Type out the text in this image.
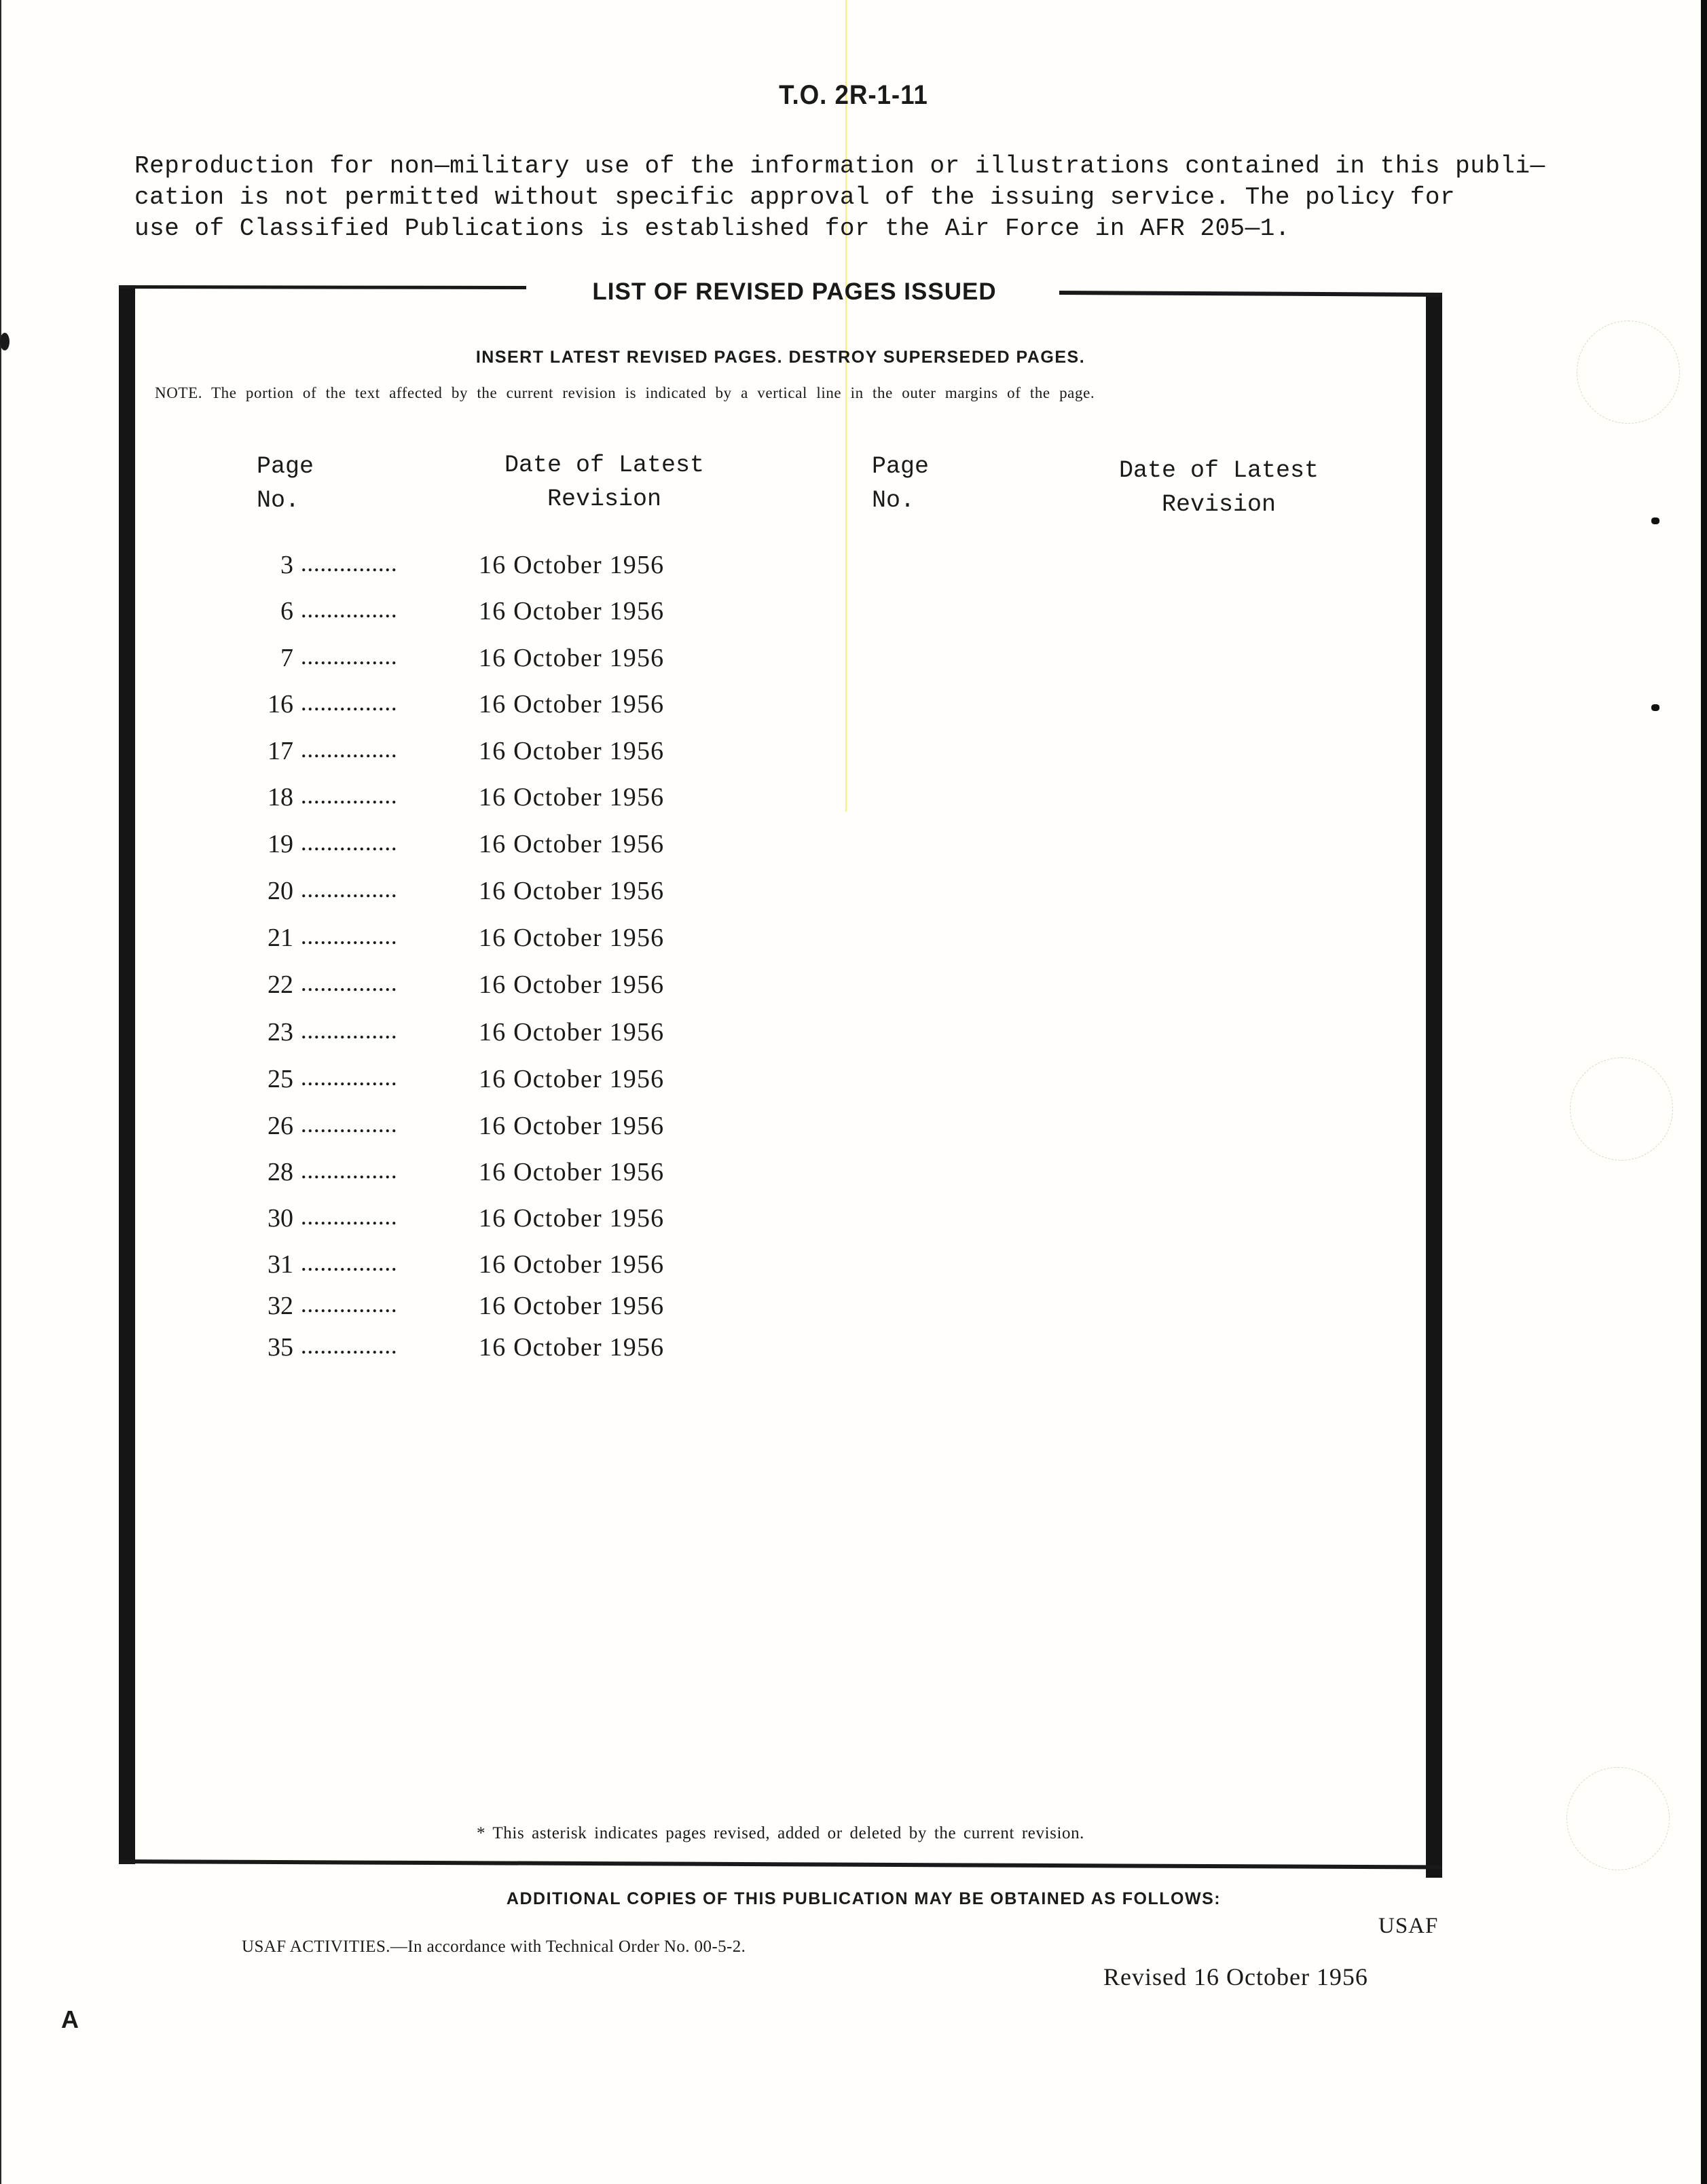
T.O. 2R-1-11

Reproduction for non—military use of the information or illustrations contained in this publi—

cation is not permitted without specific approval of the issuing service. The policy for

use of Classified Publications is established for the Air Force in AFR 205—1.

LIST OF REVISED PAGES ISSUED
INSERT LATEST REVISED PAGES. DESTROY SUPERSEDED PAGES.
NOTE. The portion of the text affected by the current revision is indicated by a vertical line in the outer margins of the page.
Page
No.
Date of Latest
Revision
Page
No.
Date of Latest
Revision
3 ...............	16 October 1956
6 ...............	16 October 1956
7 ...............	16 October 1956
16 ...............	16 October 1956
17 ...............	16 October 1956
18 ...............	16 October 1956
19 ...............	16 October 1956
20 ...............	16 October 1956
21 ...............	16 October 1956
22 ...............	16 October 1956
23 ...............	16 October 1956
25 ...............	16 October 1956
26 ...............	16 October 1956
28 ...............	16 October 1956
30 ...............	16 October 1956
31 ...............	16 October 1956
32 ...............	16 October 1956
35 ...............	16 October 1956
* This asterisk indicates pages revised, added or deleted by the current revision.
ADDITIONAL COPIES OF THIS PUBLICATION MAY BE OBTAINED AS FOLLOWS:
USAF
USAF ACTIVITIES.—In accordance with Technical Order No. 00-5-2.
Revised 16 October 1956
A
